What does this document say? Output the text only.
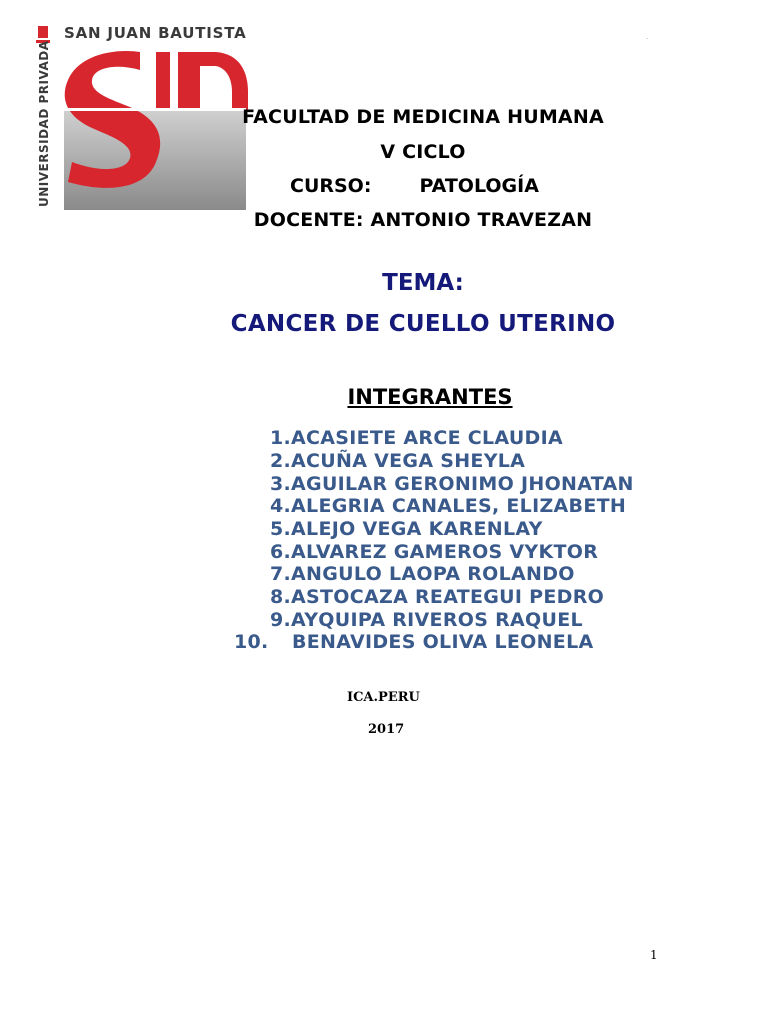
UNIVERSIDAD PRIVADA
SAN JUAN BAUTISTA	·

FACULTAD DE MEDICINA HUMANA

V CICLO

CURSO:	PATOLOGÍA

DOCENTE: ANTONIO TRAVEZAN

TEMA:

CANCER DE CUELLO UTERINO

INTEGRANTES

1.ACASIETE ARCE CLAUDIA
2.ACUÑA VEGA SHEYLA
3.AGUILAR GERONIMO JHONATAN
4.ALEGRIA CANALES, ELIZABETH
5.ALEJO VEGA KARENLAY
6.ALVAREZ GAMEROS VYKTOR
7.ANGULO LAOPA ROLANDO
8.ASTOCAZA REATEGUI PEDRO
9.AYQUIPA RIVEROS RAQUEL
10. BENAVIDES OLIVA LEONELA
ICA.PERU
2017
1
